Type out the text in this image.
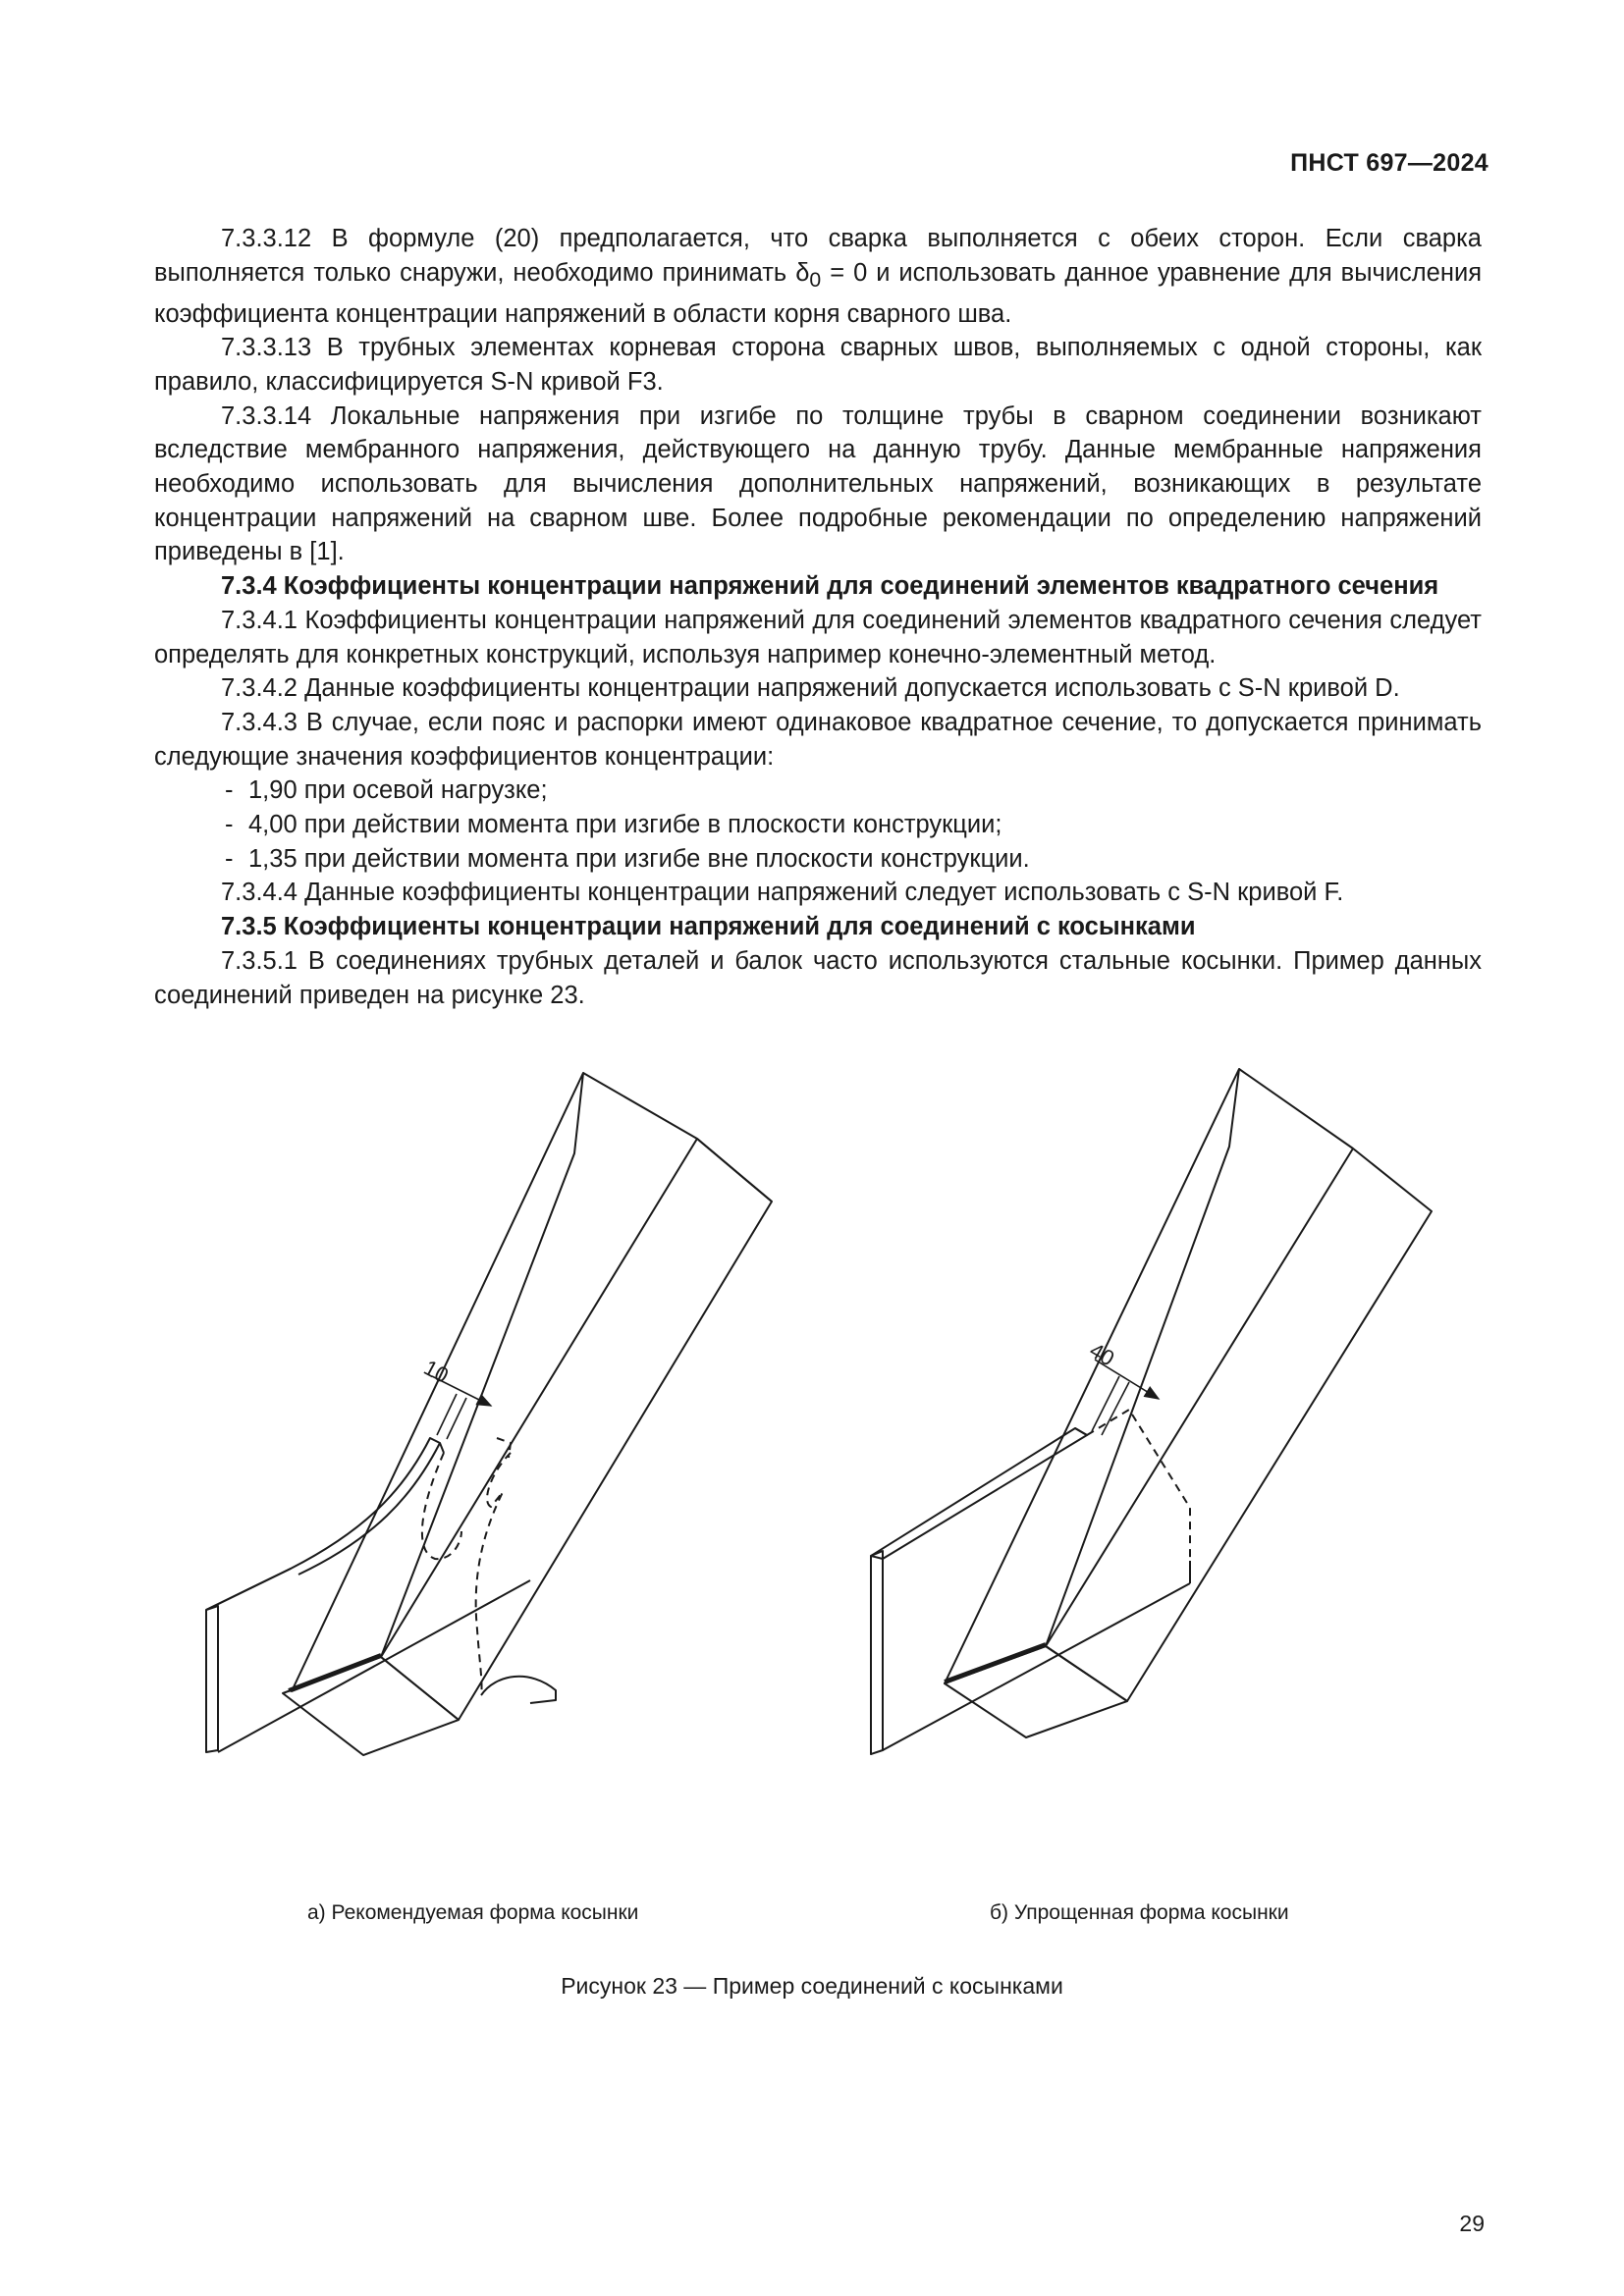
ПНСТ 697—2024

7.3.3.12 В формуле (20) предполагается, что сварка выполняется с обеих сторон. Если сварка выполняется только снаружи, необходимо принимать $\delta_0 = 0$ и использовать данное уравнение для вычисления коэффициента концентрации напряжений в области корня сварного шва.

7.3.3.13 В трубных элементах корневая сторона сварных швов, выполняемых с одной стороны, как правило, классифицируется S-N кривой F3.

7.3.3.14 Локальные напряжения при изгибе по толщине трубы в сварном соединении возникают вследствие мембранного напряжения, действующего на данную трубу. Данные мембранные напряжения необходимо использовать для вычисления дополнительных напряжений, возникающих в результате концентрации напряжений на сварном шве. Более подробные рекомендации по определению напряжений приведены в [1].

7.3.4 Коэффициенты концентрации напряжений для соединений элементов квадратного сечения

7.3.4.1 Коэффициенты концентрации напряжений для соединений элементов квадратного сечения следует определять для конкретных конструкций, используя например конечно-элементный метод.

7.3.4.2 Данные коэффициенты концентрации напряжений допускается использовать с S-N кривой D.

7.3.4.3 В случае, если пояс и распорки имеют одинаковое квадратное сечение, то допускается принимать следующие значения коэффициентов концентрации:

- 1,90 при осевой нагрузке;

- 4,00 при действии момента при изгибе в плоскости конструкции;

- 1,35 при действии момента при изгибе вне плоскости конструкции.

7.3.4.4 Данные коэффициенты концентрации напряжений следует использовать с S-N кривой F.

7.3.5 Коэффициенты концентрации напряжений для соединений с косынками

7.3.5.1 В соединениях трубных деталей и балок часто используются стальные косынки. Пример данных соединений приведен на рисунке 23.

10
40
а) Рекомендуемая форма косынки	б) Упрощенная форма косынки
Рисунок 23 — Пример соединений с косынками
29
